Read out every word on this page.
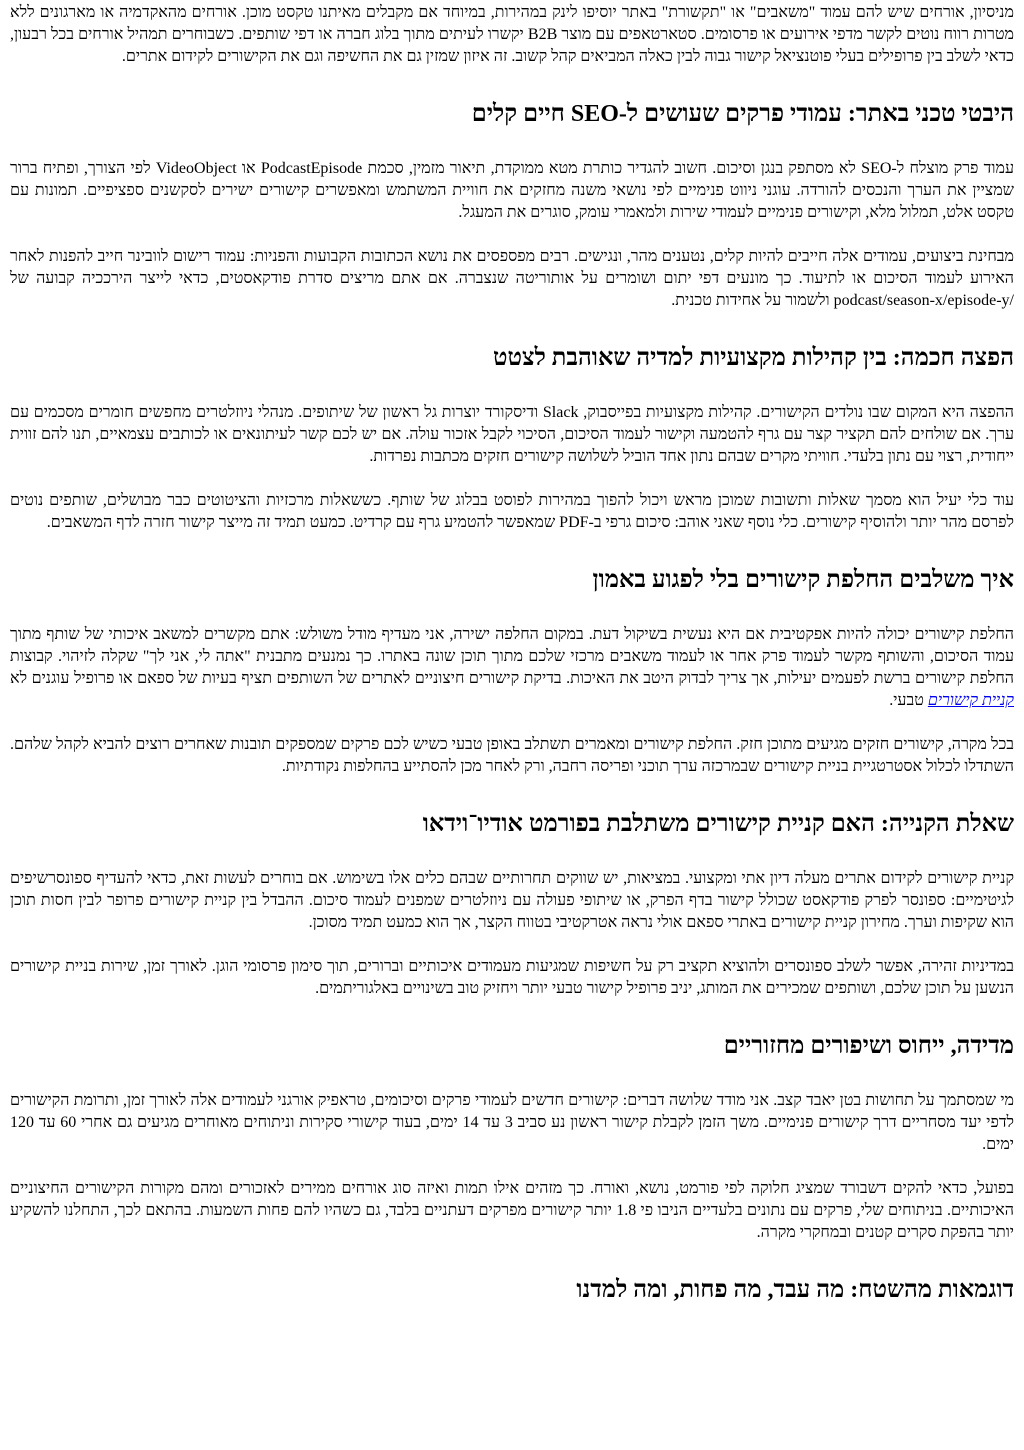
מניסיון, אורחים שיש להם עמוד "משאבים" או "תקשורת" באתר יוסיפו לינק במהירות, במיוחד אם מקבלים מאיתנו טקסט מוכן. אורחים מהאקדמיה או מארגונים ללא מטרות רווח נוטים לקשר מדפי אירועים או פרסומים. סטארטאפים עם מוצר B2B יקשרו לעיתים מתוך בלוג חברה או דפי שותפים. כשבוחרים תמהיל אורחים בכל רבעון, כדאי לשלב בין פרופילים בעלי פוטנציאל קישור גבוה לבין כאלה המביאים קהל קשוב. זה איזון שמזין גם את החשיפה וגם את הקישורים לקידום אתרים.

היבטי טכני באתר: עמודי פרקים שעושים ל-SEO חיים קלים

עמוד פרק מוצלח ל-SEO לא מסתפק בנגן וסיכום. חשוב להגדיר כותרת מטא ממוקדת, תיאור מזמין, סכמת PodcastEpisode או VideoObject לפי הצורך, ופתיח ברור שמציין את הערך והנכסים להורדה. עוגני ניווט פנימיים לפי נושאי משנה מחזקים את חוויית המשתמש ומאפשרים קישורים ישירים לסקשנים ספציפיים. תמונות עם טקסט אלט, תמלול מלא, וקישורים פנימיים לעמודי שירות ולמאמרי עומק, סוגרים את המעגל.

מבחינת ביצועים, עמודים אלה חייבים להיות קלים, נטענים מהר, ונגישים. רבים מפספסים את נושא הכתובות הקבועות והפניות: עמוד רישום לוובינר חייב להפנות לאחר האירוע לעמוד הסיכום או לתיעוד. כך מונעים דפי יתום ושומרים על אותוריטה שנצברה. אם אתם מריצים סדרת פודקאסטים, כדאי לייצר הירככיה קבועה של /podcast/season-x/episode-y ולשמור על אחידות טכנית.

הפצה חכמה: בין קהילות מקצועיות למדיה שאוהבת לצטט

ההפצה היא המקום שבו נולדים הקישורים. קהילות מקצועיות בפייסבוק, Slack ודיסקורד יוצרות גל ראשון של שיתופים. מנהלי ניוזלטרים מחפשים חומרים מסכמים עם ערך. אם שולחים להם תקציר קצר עם גרף להטמעה וקישור לעמוד הסיכום, הסיכוי לקבל אזכור עולה. אם יש לכם קשר לעיתונאים או לכותבים עצמאיים, תנו להם זווית ייחודית, רצוי עם נתון בלעדי. חוויתי מקרים שבהם נתון אחד הוביל לשלושה קישורים חזקים מכתבות נפרדות.

עוד כלי יעיל הוא מסמך שאלות ותשובות שמוכן מראש ויכול להפוך במהירות לפוסט בבלוג של שותף. כששאלות מרכזיות והציטוטים כבר מבושלים, שותפים נוטים לפרסם מהר יותר ולהוסיף קישורים. כלי נוסף שאני אוהב: סיכום גרפי ב-PDF שמאפשר להטמיע גרף עם קרדיט. כמעט תמיד זה מייצר קישור חזרה לדף המשאבים.

איך משלבים החלפת קישורים בלי לפגוע באמון

החלפת קישורים יכולה להיות אפקטיבית אם היא נעשית בשיקול דעת. במקום החלפה ישירה, אני מעדיף מודל משולש: אתם מקשרים למשאב איכותי של שותף מתוך עמוד הסיכום, והשותף מקשר לעמוד פרק אחר או לעמוד משאבים מרכזי שלכם מתוך תוכן שונה באתרו. כך נמנעים מתבנית "אתה לי, אני לך" שקלה לזיהוי. קבוצות החלפת קישורים ברשת לפעמים יעילות, אך צריך לבדוק היטב את האיכות. בדיקת קישורים חיצוניים לאתרים של השותפים תציף בעיות של ספאם או פרופיל עוגנים לא קניית קישורים טבעי.

בכל מקרה, קישורים חזקים מגיעים מתוכן חזק. החלפת קישורים ומאמרים תשתלב באופן טבעי כשיש לכם פרקים שמספקים תובנות שאחרים רוצים להביא לקהל שלהם. השתדלו לכלול אסטרטגיית בניית קישורים שבמרכזה ערך תוכני ופריסה רחבה, ורק לאחר מכן להסתייע בהחלפות נקודתיות.

שאלת הקנייה: האם קניית קישורים משתלבת בפורמט אודיו־וידאו

קניית קישורים לקידום אתרים מעלה דיון אתי ומקצועי. במציאות, יש שווקים תחרותיים שבהם כלים אלו בשימוש. אם בוחרים לעשות זאת, כדאי להעדיף ספונסרשיפים לגיטימיים: ספונסר לפרק פודקאסט שכולל קישור בדף הפרק, או שיתופי פעולה עם ניוזלטרים שמפנים לעמוד סיכום. ההבדל בין קניית קישורים פרופר לבין חסות תוכן הוא שקיפות וערך. מחירון קניית קישורים באתרי ספאם אולי נראה אטרקטיבי בטווח הקצר, אך הוא כמעט תמיד מסוכן.

במדיניות זהירה, אפשר לשלב ספונסרים ולהוציא תקציב רק על חשיפות שמגיעות מעמודים איכותיים וברורים, תוך סימון פרסומי הוגן. לאורך זמן, שירות בניית קישורים הנשען על תוכן שלכם, ושותפים שמכירים את המותג, יניב פרופיל קישור טבעי יותר ויחזיק טוב בשינויים באלגוריתמים.

מדידה, ייחוס ושיפורים מחזוריים

מי שמסתמך על תחושות בטן יאבד קצב. אני מודד שלושה דברים: קישורים חדשים לעמודי פרקים וסיכומים, טראפיק אורגני לעמודים אלה לאורך זמן, ותרומת הקישורים לדפי יעד מסחריים דרך קישורים פנימיים. משך הזמן לקבלת קישור ראשון נע סביב 3 עד 14 ימים, בעוד קישורי סקירות וניתוחים מאוחרים מגיעים גם אחרי 60 עד 120 ימים.

בפועל, כדאי להקים דשבורד שמציג חלוקה לפי פורמט, נושא, ואורח. כך מזהים אילו תמות ואיזה סוג אורחים ממירים לאזכורים ומהם מקורות הקישורים החיצוניים האיכותיים. בניתוחים שלי, פרקים עם נתונים בלעדיים הניבו פי 1.8 יותר קישורים מפרקים דעתניים בלבד, גם כשהיו להם פחות השמעות. בהתאם לכך, התחלנו להשקיע יותר בהפקת סקרים קטנים ובמחקרי מקרה.

דוגמאות מהשטח: מה עבד, מה פחות, ומה למדנו
